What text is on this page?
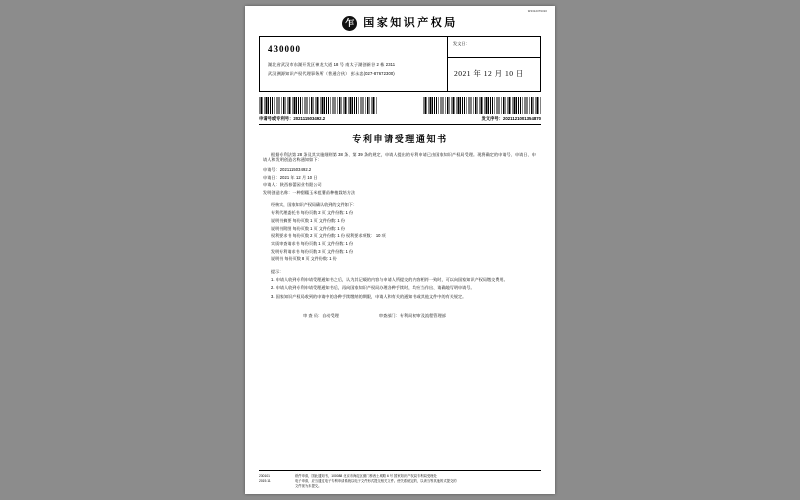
W2312379310
乍 国家知识产权局
430000
湖北省武汉市东湖开发区神龙大道 18 号 南太子湖创新谷 2 栋 2311
武汉溯源知识产权代理事务所（普通合伙） 彭永忠(027-87672300)
发文日：
2021 年 12 月 10 日
申请号或专利号：202111503492.2	发文序号：2021121001354870
专利申请受理通知书
根据专利法第 28 条及其实施细则第 38 条、第 39 条的规定，申请人提出的专利申请已由国家知识产权局受理。现将确定的申请号、申请日、申请人和发明创造名称通知如下：
申请号：202111503492.2
申请日：2021 年 12 月 10 日
申请人：陕西春蕾园业有限公司
发明创造名称：一种甜糯玉米苞薯苗种植栽培方法
经核实，国家知识产权局确认收到的文件如下：
专利代理委托书 每份页数 2 页 文件份数: 1 份
说明书摘要 每份页数 1 页 文件份数: 1 份
说明书附图 每份页数 1 页 文件份数: 1 份
权利要求书 每份页数 2 页 文件份数: 1 份 权利要求项数： 10 项
实质审查请求书 每份页数 1 页 文件份数: 1 份
发明专利请求书 每份页数 3 页 文件份数: 1 份
说明书 每份页数 8 页 文件份数: 1 份
提示：
1. 申请人收到专利申请受理通知书之后，认为其记载的内容与申请人所提交的内容相符一致时，可以向国家知识产权局缴交费用。
2. 申请人收到专利申请受理通知书后，再向国家知识产权局办理各种手续时，均应当作出、请确地写明申请号。
3. 国家知识产权局收到的申请中的各种手续缴纳的期限，申请人和有关的通知书或其他文件中的有关规定。
审 查 员：自动受理	审查部门：专利局初审及流程管理部
230101
2019.11
纸件申请，国此通知书，100088 北京市海淀区蓟门桥西土城路 6 号 国家知识产权局专利局受理处
电子申请，应当通过电子专利申请系统以电子文件形式提交相关文件。使关系统定的，以该当等其他的式提交的
文件视为未提交。
